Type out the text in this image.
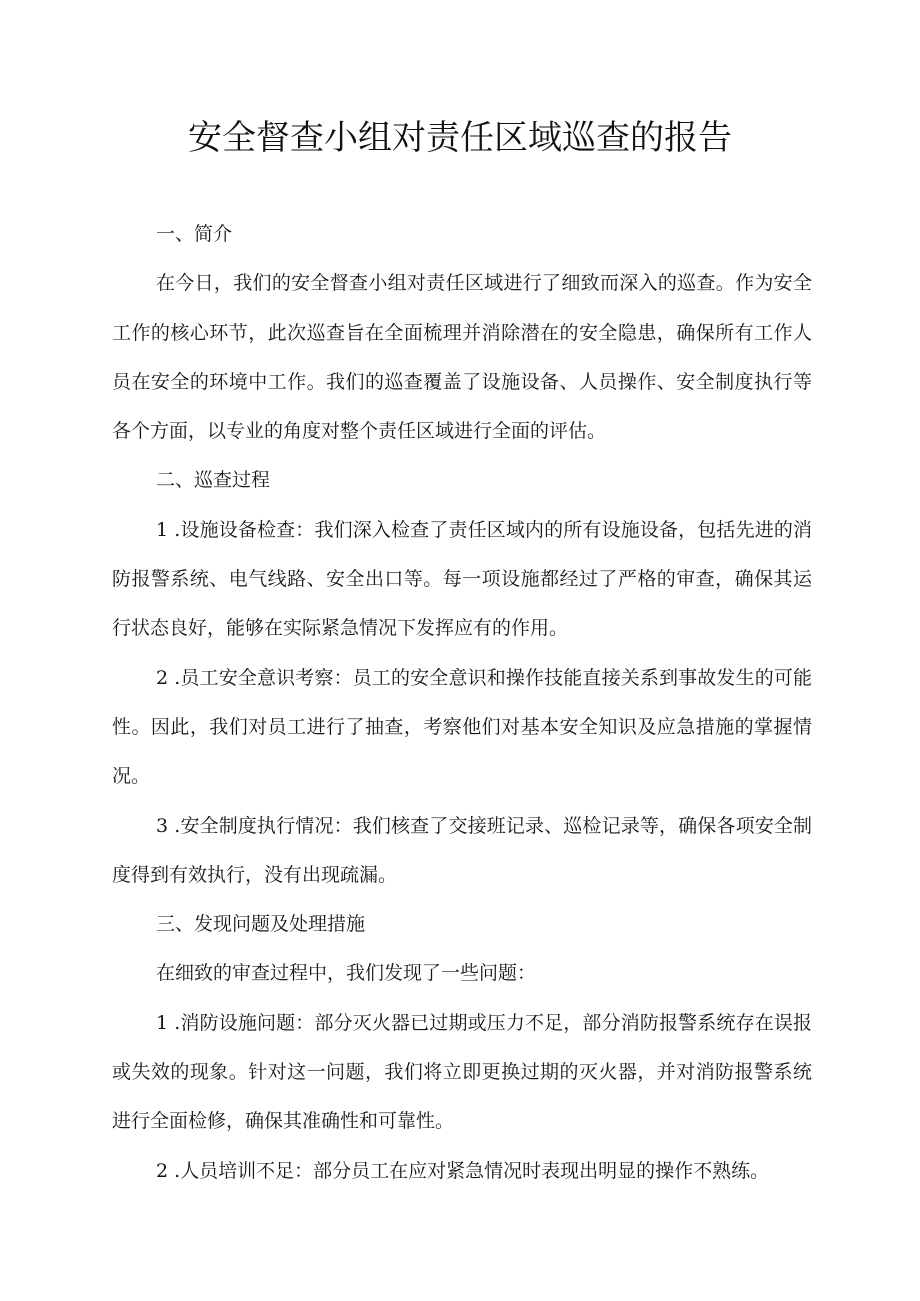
安全督查小组对责任区域巡查的报告

一、简介

在今日，我们的安全督查小组对责任区域进行了细致而深入的巡查。作为安全工作的核心环节，此次巡查旨在全面梳理并消除潜在的安全隐患，确保所有工作人员在安全的环境中工作。我们的巡查覆盖了设施设备、人员操作、安全制度执行等各个方面，以专业的角度对整个责任区域进行全面的评估。

二、巡查过程

1 .设施设备检查：我们深入检查了责任区域内的所有设施设备，包括先进的消防报警系统、电气线路、安全出口等。每一项设施都经过了严格的审查，确保其运行状态良好，能够在实际紧急情况下发挥应有的作用。

2 .员工安全意识考察：员工的安全意识和操作技能直接关系到事故发生的可能性。因此，我们对员工进行了抽查，考察他们对基本安全知识及应急措施的掌握情况。

3 .安全制度执行情况：我们核查了交接班记录、巡检记录等，确保各项安全制度得到有效执行，没有出现疏漏。

三、发现问题及处理措施

在细致的审查过程中，我们发现了一些问题：

1 .消防设施问题：部分灭火器已过期或压力不足，部分消防报警系统存在误报或失效的现象。针对这一问题，我们将立即更换过期的灭火器，并对消防报警系统进行全面检修，确保其准确性和可靠性。

2 .人员培训不足：部分员工在应对紧急情况时表现出明显的操作不熟练。
